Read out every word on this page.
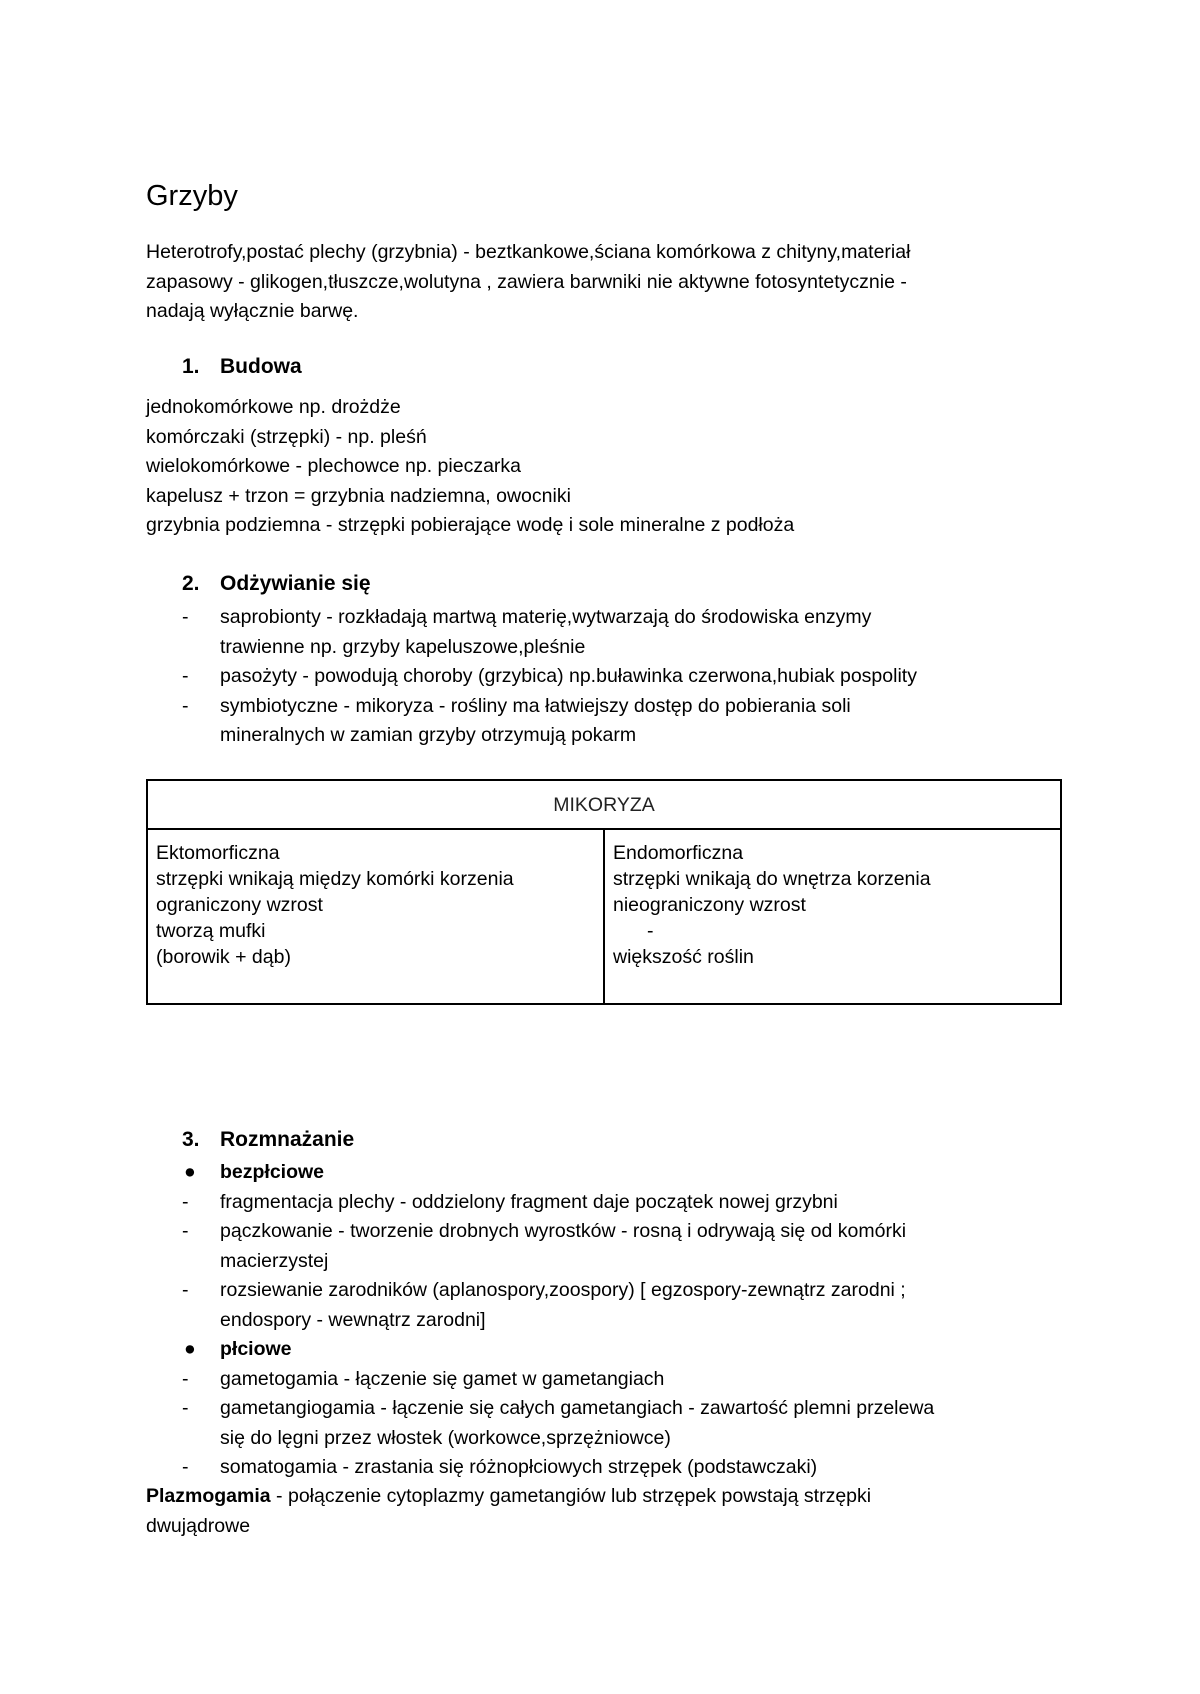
Grzyby
Heterotrofy,postać plechy (grzybnia) - beztkankowe,ściana komórkowa z chityny,materiał
zapasowy - glikogen,tłuszcze,wolutyna , zawiera barwniki nie aktywne fotosyntetycznie -
nadają wyłącznie barwę.
1. Budowa
jednokomórkowe np. drożdże
komórczaki (strzępki) - np. pleśń
wielokomórkowe - plechowce np. pieczarka
kapelusz + trzon = grzybnia nadziemna, owocniki
grzybnia podziemna - strzępki pobierające wodę i sole mineralne z podłoża
2. Odżywianie się
- saprobionty - rozkładają martwą materię,wytwarzają do środowiska enzymy
trawienne np. grzyby kapeluszowe,pleśnie
- pasożyty - powodują choroby (grzybica) np.buławinka czerwona,hubiak pospolity
- symbiotyczne - mikoryza - rośliny ma łatwiejszy dostęp do pobierania soli
mineralnych w zamian grzyby otrzymują pokarm
MIKORYZA

Ektomorficzna
strzępki wnikają między komórki korzenia
ograniczony wzrost
tworzą mufki
(borowik + dąb)

Endomorficzna
strzępki wnikają do wnętrza korzenia
nieograniczony wzrost
-
większość roślin
3. Rozmnażanie
● bezpłciowe
- fragmentacja plechy - oddzielony fragment daje początek nowej grzybni
- pączkowanie - tworzenie drobnych wyrostków - rosną i odrywają się od komórki
macierzystej
- rozsiewanie zarodników (aplanospory,zoospory) [ egzospory-zewnątrz zarodni ;
endospory - wewnątrz zarodni]
● płciowe
- gametogamia - łączenie się gamet w gametangiach
- gametangiogamia - łączenie się całych gametangiach - zawartość plemni przelewa
się do lęgni przez włostek (workowce,sprzężniowce)
- somatogamia - zrastania się różnopłciowych strzępek (podstawczaki)
Plazmogamia - połączenie cytoplazmy gametangiów lub strzępek powstają strzępki
dwujądrowe
